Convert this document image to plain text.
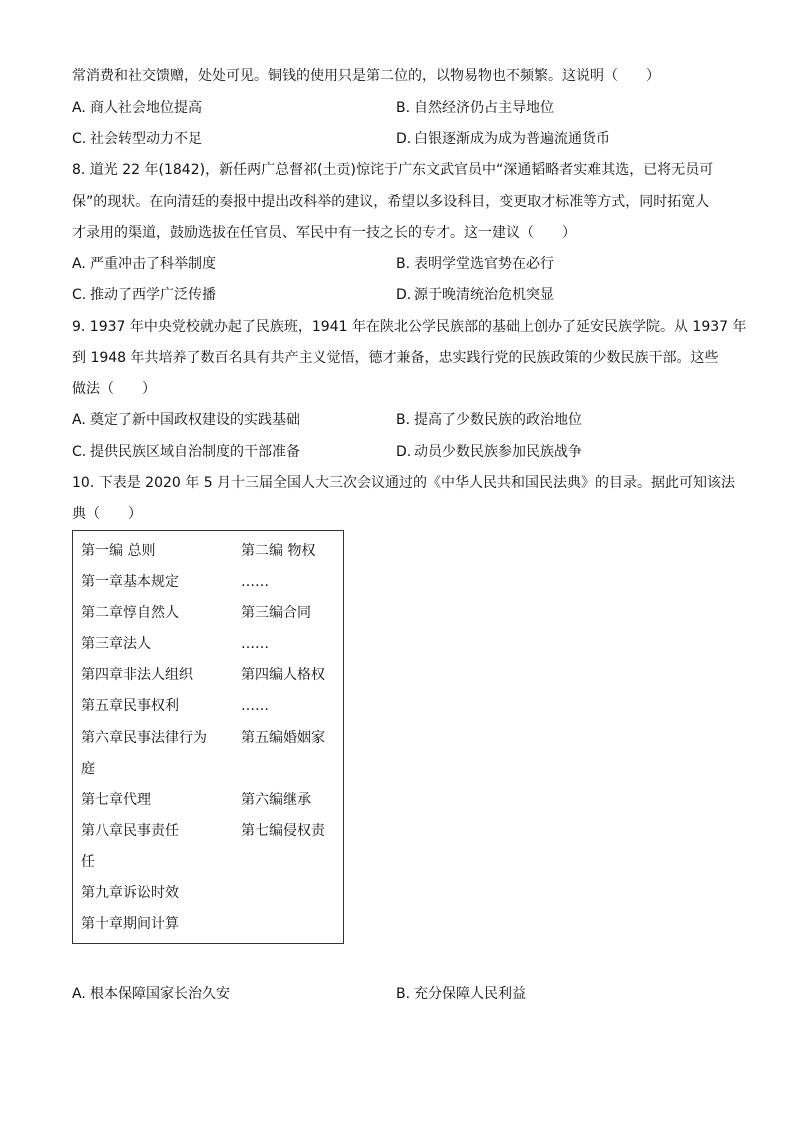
常消费和社交馈赠，处处可见。铜钱的使用只是第二位的，以物易物也不频繁。这说明（　　）
A. 商人社会地位提高	B. 自然经济仍占主导地位
C. 社会转型动力不足	D. 白银逐渐成为成为普遍流通货币
8. 道光 22 年(1842)，新任两广总督祁(土贡)惊诧于广东文武官员中“深通韬略者实难其选，已将无员可
保”的现状。在向清廷的奏报中提出改科举的建议，希望以多设科目，变更取才标准等方式，同时拓宽人
才录用的渠道，鼓励选拔在任官员、军民中有一技之长的专才。这一建议（　　）
A. 严重冲击了科举制度	B. 表明学堂选官势在必行
C. 推动了西学广泛传播	D. 源于晚清统治危机突显
9. 1937 年中央党校就办起了民族班，1941 年在陕北公学民族部的基础上创办了延安民族学院。从 1937 年
到 1948 年共培养了数百名具有共产主义觉悟，德才兼备，忠实践行党的民族政策的少数民族干部。这些
做法（　　）
A. 奠定了新中国政权建设的实践基础	B. 提高了少数民族的政治地位
C. 提供民族区域自治制度的干部准备	D. 动员少数民族参加民族战争
10. 下表是 2020 年 5 月十三届全国人大三次会议通过的《中华人民共和国民法典》的目录。据此可知该法
典（　　）
第一编 总则	第二编 物权
第一章基本规定	……
第二章惇自然人	第三编合同
第三章法人	……
第四章非法人组织	第四编人格权
第五章民事权利	……
第六章民事法律行为 第五编婚姻家
庭
第七章代理	第六编继承
第八章民事责任	第七编侵权责
任
第九章诉讼时效
第十章期间计算
A. 根本保障国家长治久安	B. 充分保障人民利益
